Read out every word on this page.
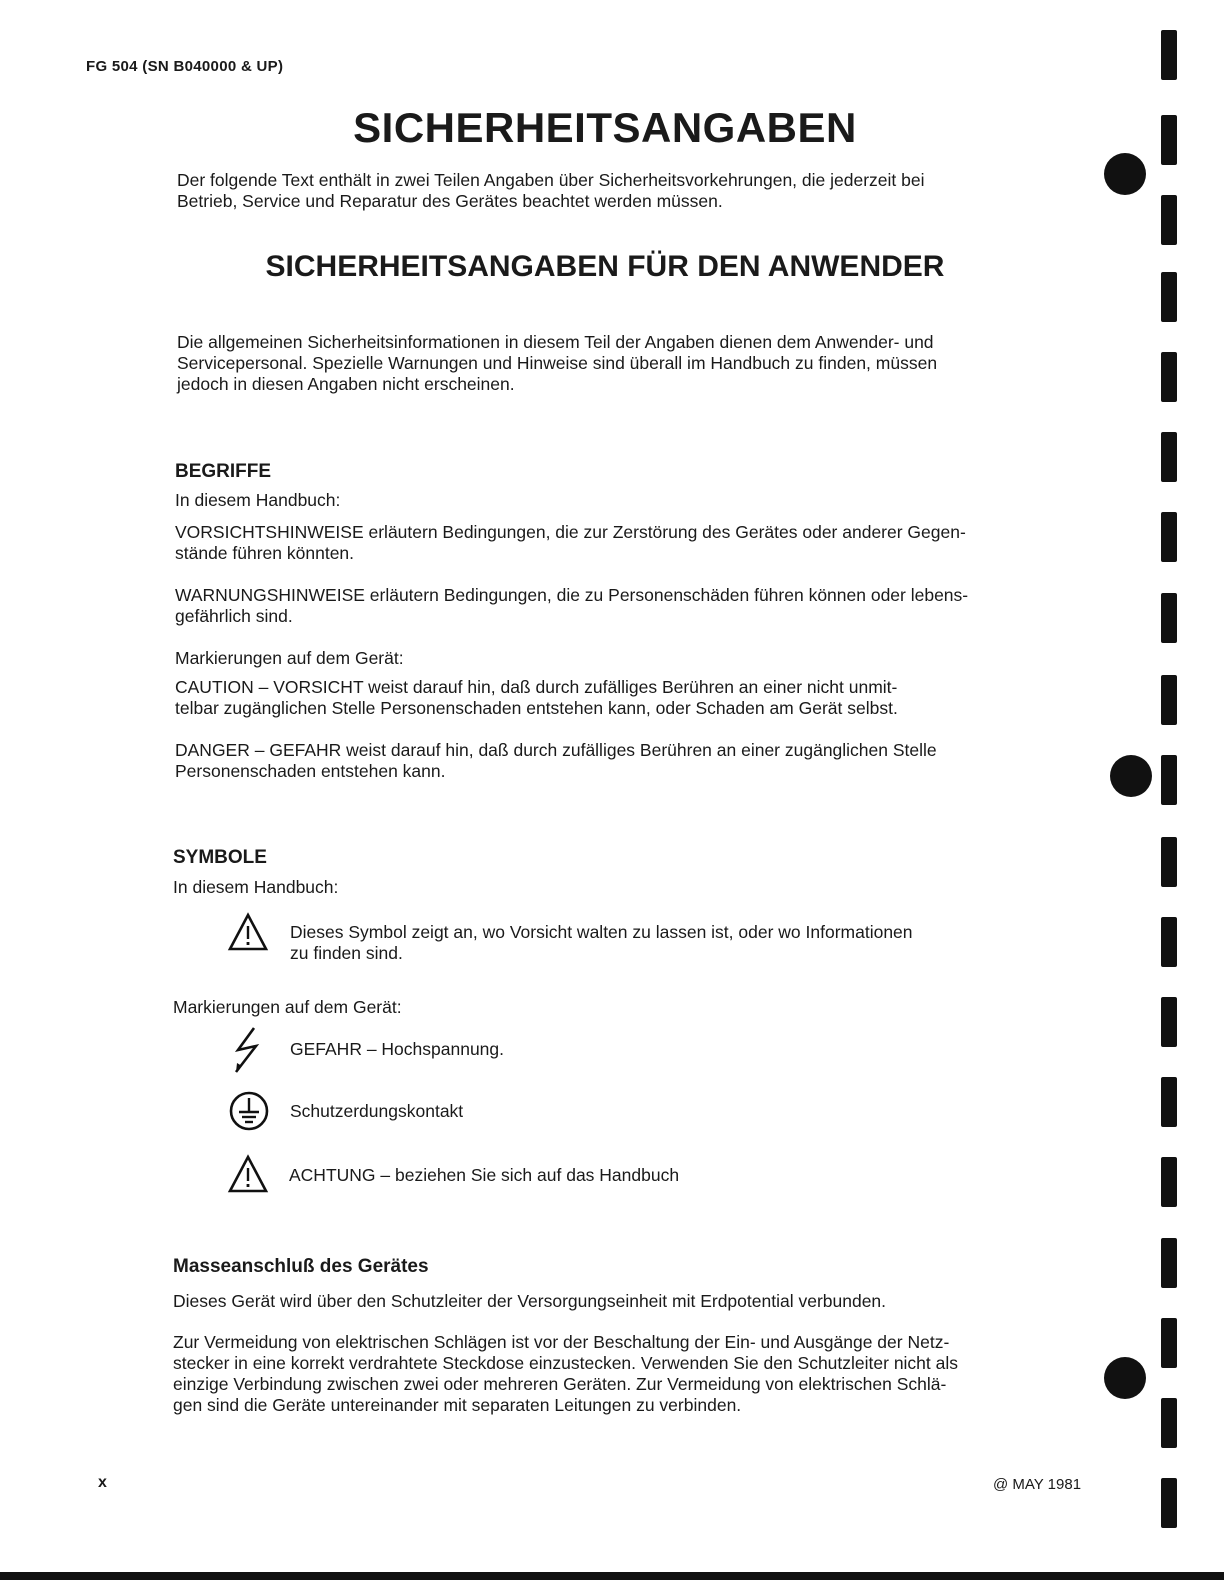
FG 504 (SN B040000 & UP)
SICHERHEITSANGABEN
Der folgende Text enthält in zwei Teilen Angaben über Sicherheitsvorkehrungen, die jederzeit bei
Betrieb, Service und Reparatur des Gerätes beachtet werden müssen.
SICHERHEITSANGABEN FÜR DEN ANWENDER
Die allgemeinen Sicherheitsinformationen in diesem Teil der Angaben dienen dem Anwender- und
Servicepersonal. Spezielle Warnungen und Hinweise sind überall im Handbuch zu finden, müssen
jedoch in diesen Angaben nicht erscheinen.
BEGRIFFE
In diesem Handbuch:
VORSICHTSHINWEISE erläutern Bedingungen, die zur Zerstörung des Gerätes oder anderer Gegen-
stände führen könnten.
WARNUNGSHINWEISE erläutern Bedingungen, die zu Personenschäden führen können oder lebens-
gefährlich sind.
Markierungen auf dem Gerät:
CAUTION – VORSICHT weist darauf hin, daß durch zufälliges Berühren an einer nicht unmit-
telbar zugänglichen Stelle Personenschaden entstehen kann, oder Schaden am Gerät selbst.
DANGER – GEFAHR weist darauf hin, daß durch zufälliges Berühren an einer zugänglichen Stelle
Personenschaden entstehen kann.
SYMBOLE
In diesem Handbuch:
Dieses Symbol zeigt an, wo Vorsicht walten zu lassen ist, oder wo Informationen
zu finden sind.
Markierungen auf dem Gerät:
GEFAHR – Hochspannung.
Schutzerdungskontakt
ACHTUNG – beziehen Sie sich auf das Handbuch
Masseanschluß des Gerätes
Dieses Gerät wird über den Schutzleiter der Versorgungseinheit mit Erdpotential verbunden.
Zur Vermeidung von elektrischen Schlägen ist vor der Beschaltung der Ein- und Ausgänge der Netz-
stecker in eine korrekt verdrahtete Steckdose einzustecken. Verwenden Sie den Schutzleiter nicht als
einzige Verbindung zwischen zwei oder mehreren Geräten. Zur Vermeidung von elektrischen Schlä-
gen sind die Geräte untereinander mit separaten Leitungen zu verbinden.
x	@ MAY 1981
